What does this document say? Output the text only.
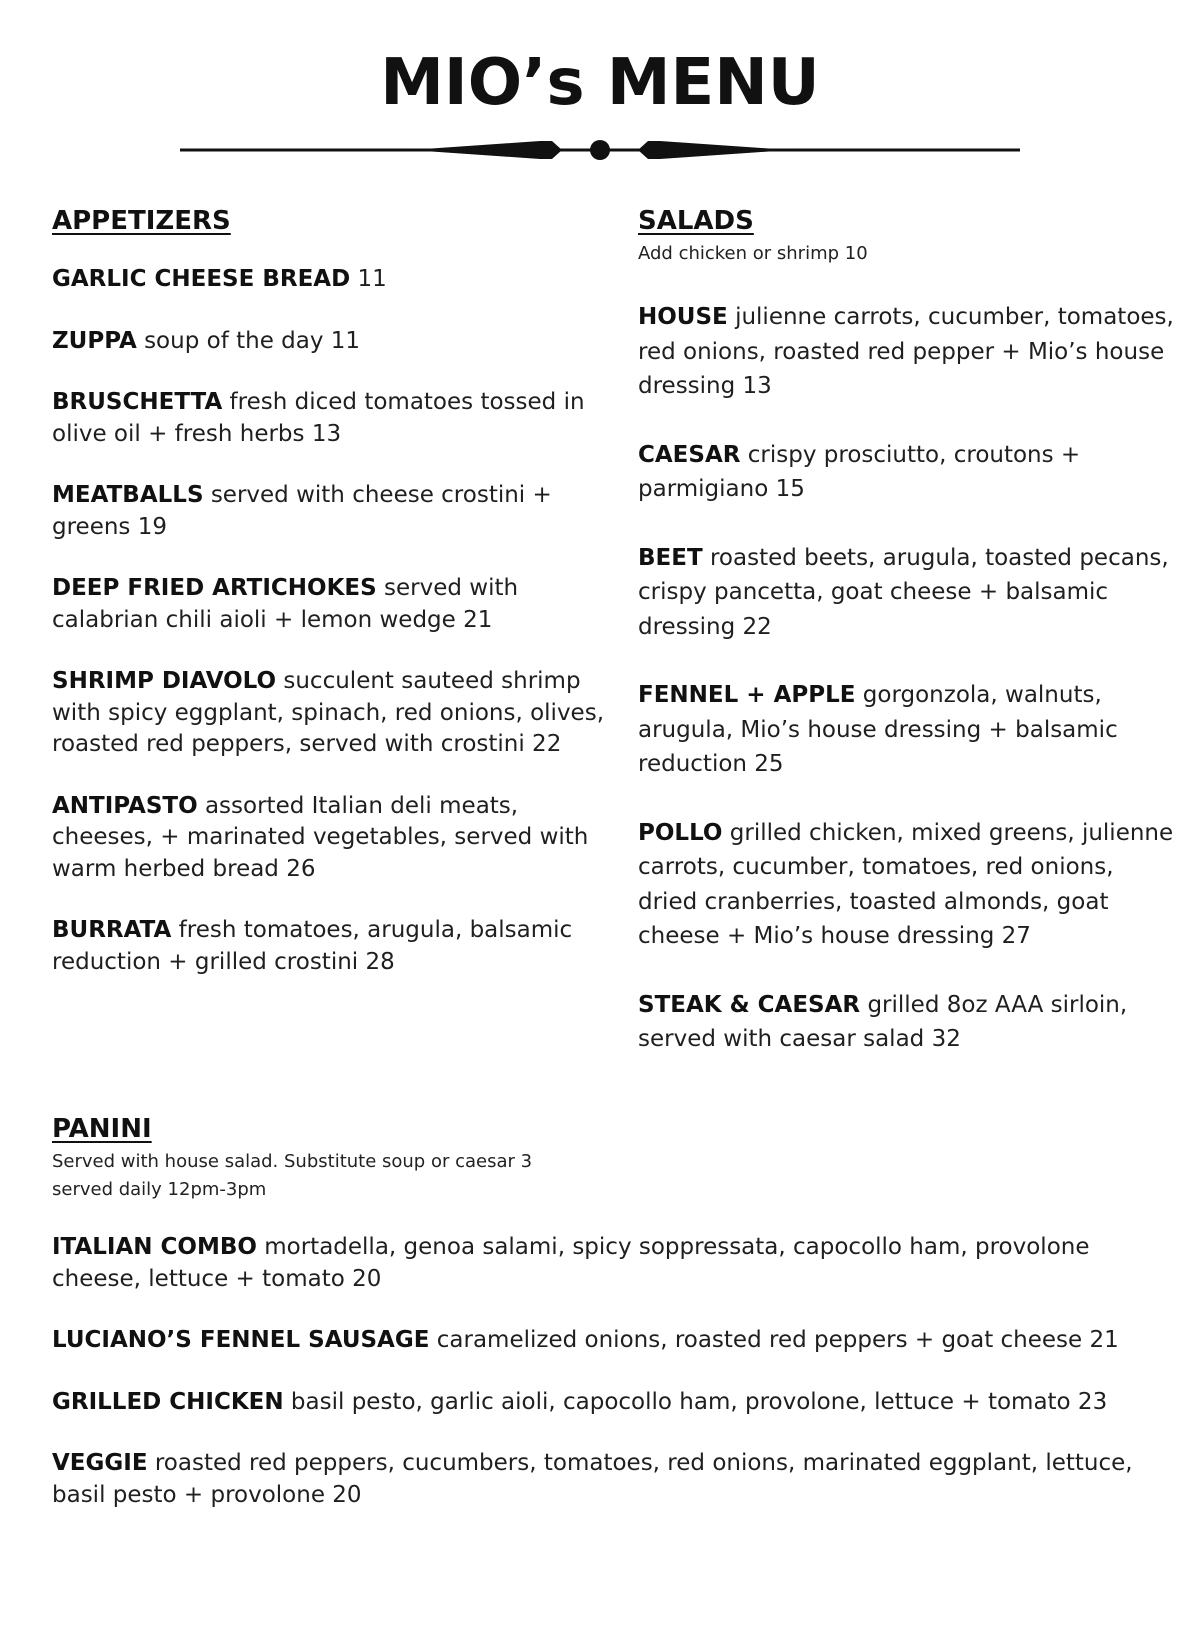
MIO’s MENU
APPETIZERS
GARLIC CHEESE BREAD 11
ZUPPA soup of the day 11
BRUSCHETTA fresh diced tomatoes tossed in olive oil + fresh herbs 13
MEATBALLS served with cheese crostini + greens 19
DEEP FRIED ARTICHOKES served with calabrian chili aioli + lemon wedge 21
SHRIMP DIAVOLO succulent sauteed shrimp with spicy eggplant, spinach, red onions, olives, roasted red peppers, served with crostini 22
ANTIPASTO assorted Italian deli meats, cheeses, + marinated vegetables, served with warm herbed bread 26
BURRATA fresh tomatoes, arugula, balsamic reduction + grilled crostini 28
SALADS

Add chicken or shrimp 10

HOUSE julienne carrots, cucumber, tomatoes, red onions, roasted red pepper + Mio’s house dressing 13
CAESAR crispy prosciutto, croutons + parmigiano 15
BEET roasted beets, arugula, toasted pecans, crispy pancetta, goat cheese + balsamic dressing 22
FENNEL + APPLE gorgonzola, walnuts, arugula, Mio’s house dressing + balsamic reduction 25
POLLO grilled chicken, mixed greens, julienne carrots, cucumber, tomatoes, red onions, dried cranberries, toasted almonds, goat cheese + Mio’s house dressing 27
STEAK & CAESAR grilled 8oz AAA sirloin, served with caesar salad 32
PANINI

Served with house salad. Substitute soup or caesar 3
served daily 12pm-3pm

ITALIAN COMBO mortadella, genoa salami, spicy soppressata, capocollo ham, provolone cheese, lettuce + tomato 20
LUCIANO’S FENNEL SAUSAGE caramelized onions, roasted red peppers + goat cheese 21
GRILLED CHICKEN basil pesto, garlic aioli, capocollo ham, provolone, lettuce + tomato 23
VEGGIE roasted red peppers, cucumbers, tomatoes, red onions, marinated eggplant, lettuce, basil pesto + provolone 20
